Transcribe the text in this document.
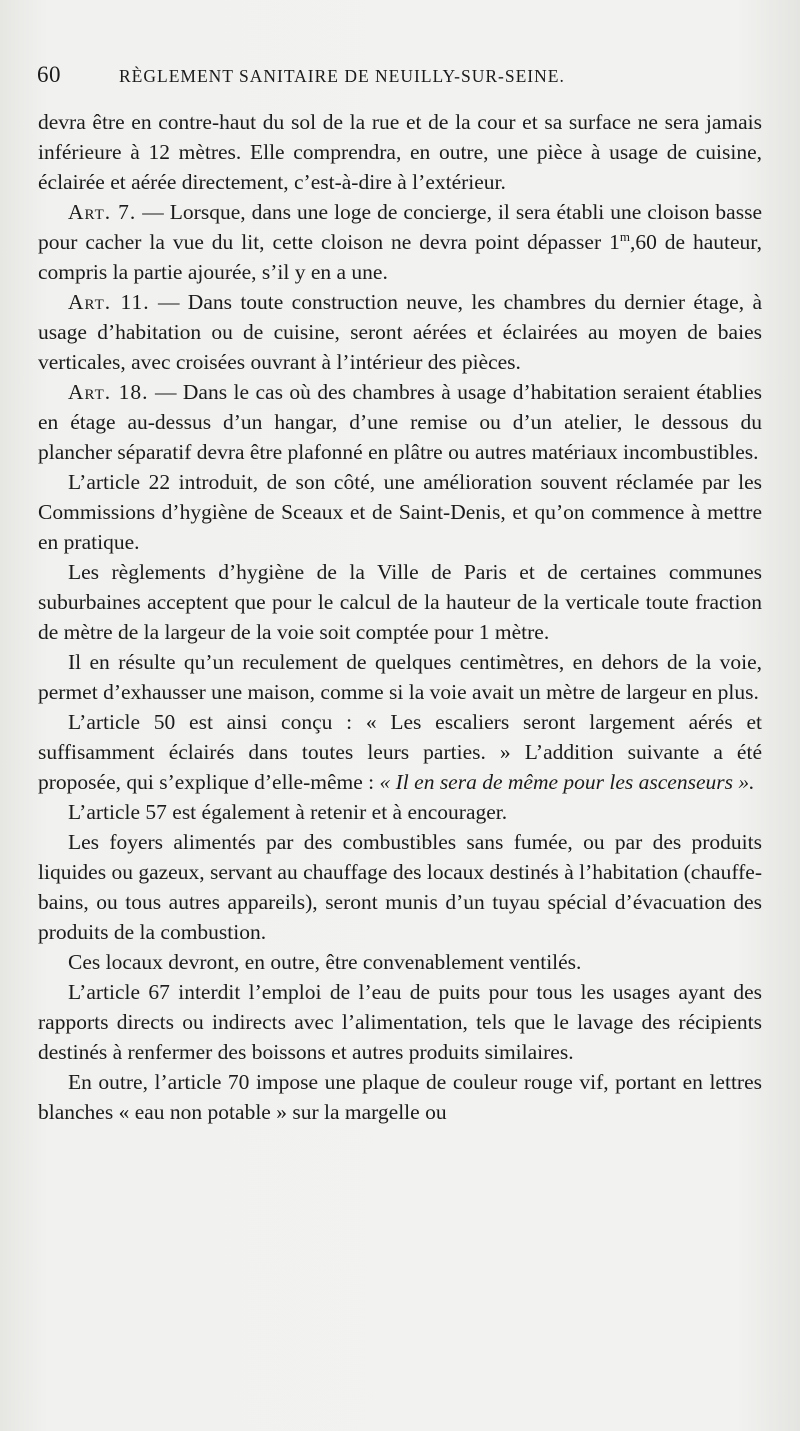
60	RÈGLEMENT SANITAIRE DE NEUILLY-SUR-SEINE.

devra être en contre-haut du sol de la rue et de la cour et sa surface ne sera jamais inférieure à 12 mètres. Elle comprendra, en outre, une pièce à usage de cuisine, éclairée et aérée directement, c’est-à-dire à l’extérieur.

Art. 7. — Lorsque, dans une loge de concierge, il sera établi une cloison basse pour cacher la vue du lit, cette cloison ne devra point dépasser 1$^m$,60 de hauteur, compris la partie ajourée, s’il y en a une.

Art. 11. — Dans toute construction neuve, les chambres du dernier étage, à usage d’habitation ou de cuisine, seront aérées et éclairées au moyen de baies verticales, avec croisées ouvrant à l’intérieur des pièces.

Art. 18. — Dans le cas où des chambres à usage d’habitation seraient établies en étage au-dessus d’un hangar, d’une remise ou d’un atelier, le dessous du plancher séparatif devra être plafonné en plâtre ou autres matériaux incombustibles.

L’article 22 introduit, de son côté, une amélioration souvent réclamée par les Commissions d’hygiène de Sceaux et de Saint-Denis, et qu’on commence à mettre en pratique.

Les règlements d’hygiène de la Ville de Paris et de certaines communes suburbaines acceptent que pour le calcul de la hauteur de la verticale toute fraction de mètre de la largeur de la voie soit comptée pour 1 mètre.

Il en résulte qu’un reculement de quelques centimètres, en dehors de la voie, permet d’exhausser une maison, comme si la voie avait un mètre de largeur en plus.

L’article 50 est ainsi conçu : « Les escaliers seront largement aérés et suffisamment éclairés dans toutes leurs parties. » L’addition suivante a été proposée, qui s’explique d’elle-même : « Il en sera de même pour les ascenseurs ».

L’article 57 est également à retenir et à encourager.

Les foyers alimentés par des combustibles sans fumée, ou par des produits liquides ou gazeux, servant au chauffage des locaux destinés à l’habitation (chauffe-bains, ou tous autres appareils), seront munis d’un tuyau spécial d’évacuation des produits de la combustion.

Ces locaux devront, en outre, être convenablement ventilés.

L’article 67 interdit l’emploi de l’eau de puits pour tous les usages ayant des rapports directs ou indirects avec l’alimentation, tels que le lavage des récipients destinés à renfermer des boissons et autres produits similaires.

En outre, l’article 70 impose une plaque de couleur rouge vif, portant en lettres blanches « eau non potable » sur la margelle ou
